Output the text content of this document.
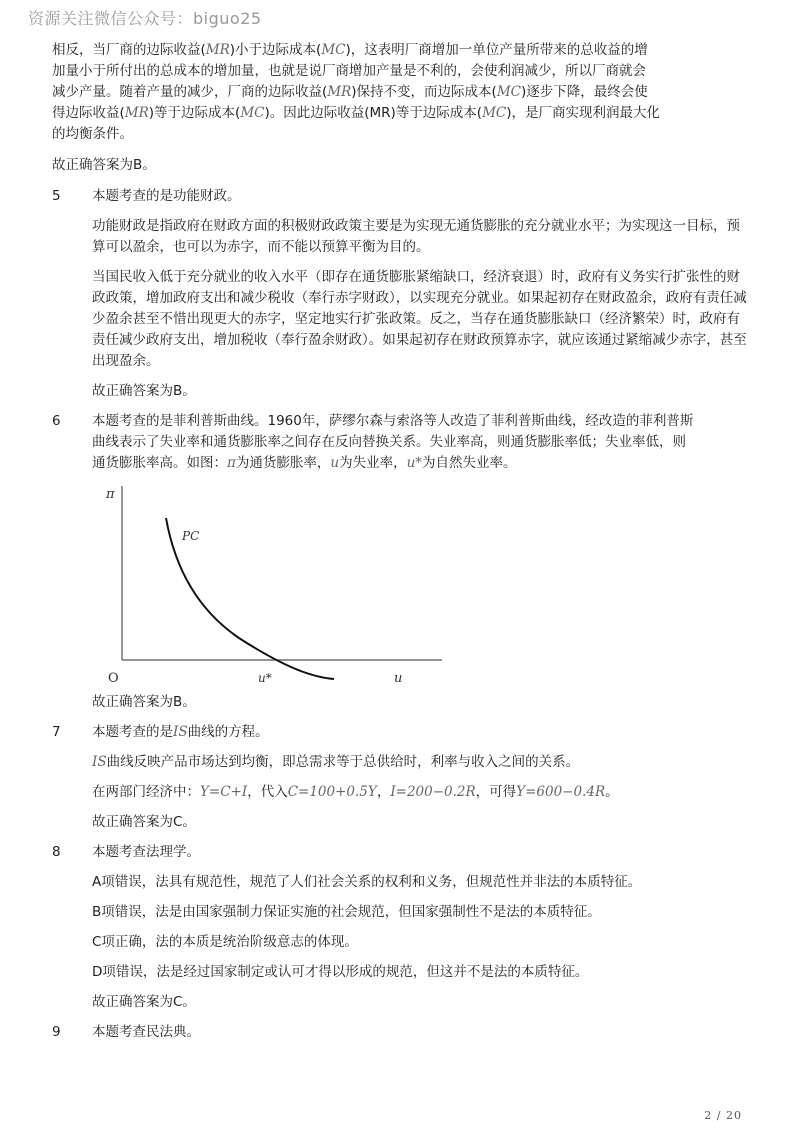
资源关注微信公众号：biguo25

相反，当厂商的边际收益(MR)小于边际成本(MC)，这表明厂商增加一单位产量所带来的总收益的增

加量小于所付出的总成本的增加量，也就是说厂商增加产量是不利的，会使利润减少，所以厂商就会

减少产量。随着产量的减少，厂商的边际收益(MR)保持不变，而边际成本(MC)逐步下降，最终会使

得边际收益(MR)等于边际成本(MC)。因此边际收益(MR)等于边际成本(MC)，是厂商实现利润最大化

的均衡条件。

故正确答案为B。

5	本题考查的是功能财政。

功能财政是指政府在财政方面的积极财政政策主要是为实现无通货膨胀的充分就业水平；为实现这一目标，预算可以盈余，也可以为赤字，而不能以预算平衡为目的。

当国民收入低于充分就业的收入水平（即存在通货膨胀紧缩缺口，经济衰退）时，政府有义务实行扩张性的财政政策，增加政府支出和减少税收（奉行赤字财政），以实现充分就业。如果起初存在财政盈余，政府有责任减少盈余甚至不惜出现更大的赤字，坚定地实行扩张政策。反之，当存在通货膨胀缺口（经济繁荣）时，政府有责任减少政府支出，增加税收（奉行盈余财政）。如果起初存在财政预算赤字，就应该通过紧缩减少赤字，甚至出现盈余。

故正确答案为B。

6	本题考查的是菲利普斯曲线。1960年，萨缪尔森与索洛等人改造了菲利普斯曲线，经改造的菲利普斯

曲线表示了失业率和通货膨胀率之间存在反向替换关系。失业率高，则通货膨胀率低；失业率低，则

通货膨胀率高。如图：π为通货膨胀率，u为失业率，u*为自然失业率。

π
PC
O	u*	u

故正确答案为B。

7	本题考查的是IS曲线的方程。

IS曲线反映产品市场达到均衡，即总需求等于总供给时，利率与收入之间的关系。

在两部门经济中：Y=C+I，代入C=100+0.5Y，I=200−0.2R，可得Y=600−0.4R。

故正确答案为C。

8	本题考查法理学。

A项错误，法具有规范性，规范了人们社会关系的权利和义务，但规范性并非法的本质特征。

B项错误，法是由国家强制力保证实施的社会规范，但国家强制性不是法的本质特征。

C项正确，法的本质是统治阶级意志的体现。

D项错误，法是经过国家制定或认可才得以形成的规范，但这并不是法的本质特征。

故正确答案为C。

9	本题考查民法典。

2 / 20
